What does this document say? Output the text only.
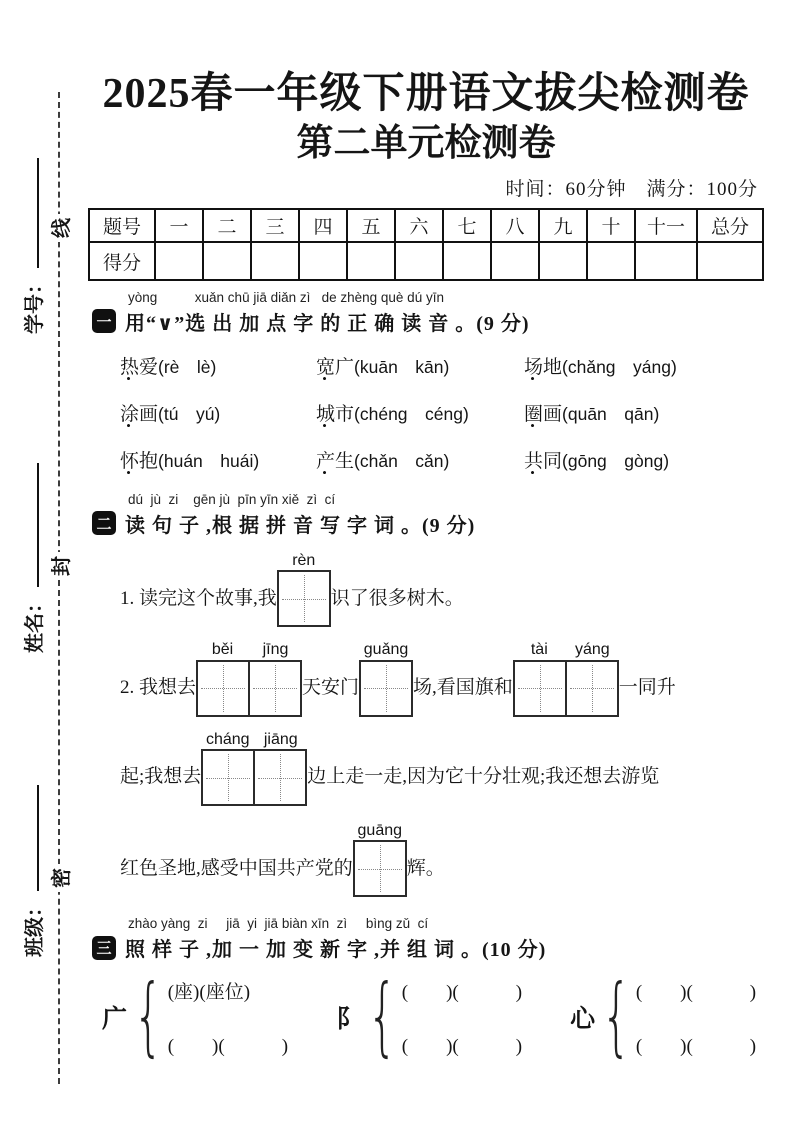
线
封
密
学号：
姓名：
班级：
2025春一年级下册语文拔尖检测卷
第二单元检测卷
时间：60分钟　满分：100分
题号	一	二	三	四	五	六	七	八	九	十	十一	总分
得分												
yòng          xuǎn chū jiā diǎn zì   de zhèng què dú yīn
一 用“∨”选 出 加 点 字 的 正 确 读 音 。(9 分)
热爱(rè　lè)	宽广(kuān　kān)	场地(chǎng　yáng)
涂画(tú　yú)	城市(chéng　céng)	圈画(quān　qān)
怀抱(huán　huái)	产生(chǎn　cǎn)	共同(gōng　gòng)
dú  jù  zi    gēn jù  pīn yīn xiě  zì  cí
二 读 句 子 ,根 据 拼 音 写 字 词 。(9 分)
1. 读完这个故事,我
rèn
识了很多树木。
2. 我想去
běi	jīng
天安门
guǎng
场,看国旗和
tài	yáng
一同升
起;我想去
cháng jiāng
边上走一走,因为它十分壮观;我还想去游览
红色圣地,感受中国共产党的
guāng
辉。
zhào yàng  zi     jiā  yi  jiā biàn xīn  zì     bìng zǔ  cí
三 照 样 子 ,加 一 加 变 新 字 ,并 组 词 。(10 分)
广 { (座)(座位)
(　　)(　　　)
阝 { (　　)(　　　)
(　　)(　　　)
心 { (　　)(　　　)
(　　)(　　　)
